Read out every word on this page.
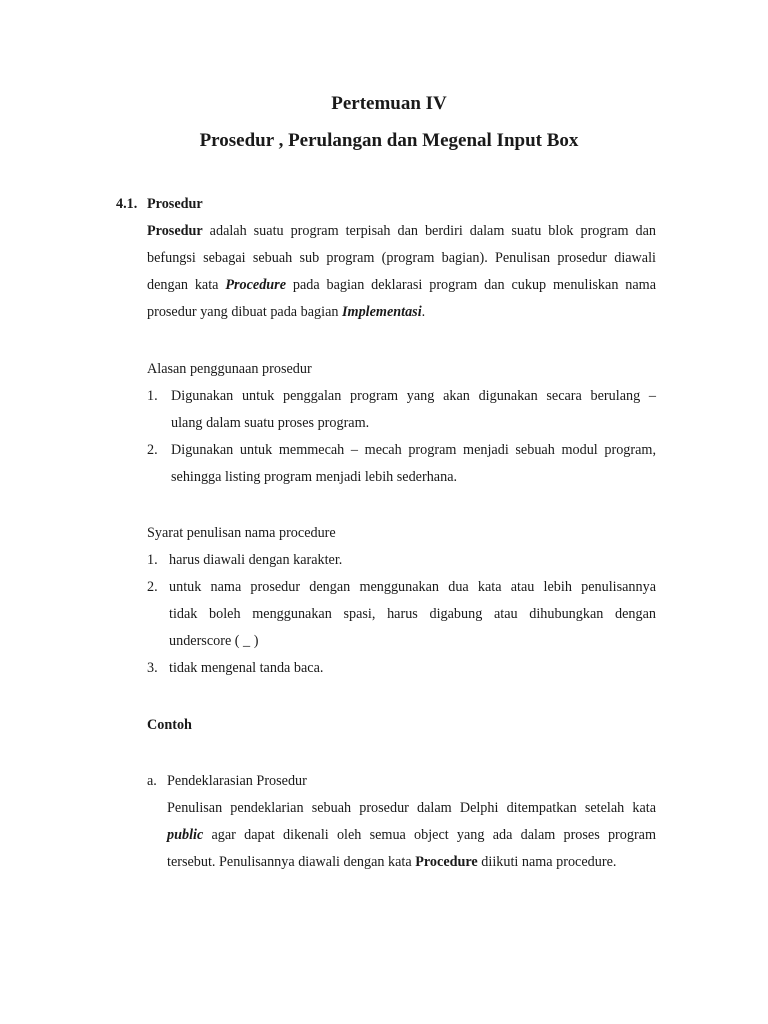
Pertemuan IV
Prosedur , Perulangan dan Megenal Input Box
4.1. Prosedur
Prosedur adalah suatu program terpisah dan berdiri dalam suatu blok program dan
befungsi sebagai sebuah sub program (program bagian). Penulisan prosedur diawali
dengan kata Procedure pada bagian deklarasi program dan cukup menuliskan nama
prosedur yang dibuat pada bagian Implementasi.
Alasan penggunaan prosedur
1. Digunakan untuk penggalan program yang akan digunakan secara berulang –
ulang dalam suatu proses program.
2. Digunakan untuk memmecah – mecah program menjadi sebuah modul program,
sehingga listing program menjadi lebih sederhana.
Syarat penulisan nama procedure
1. harus diawali dengan karakter.
2. untuk nama prosedur dengan menggunakan dua kata atau lebih penulisannya
tidak boleh menggunakan spasi, harus digabung atau dihubungkan dengan
underscore ( _ )
3. tidak mengenal tanda baca.
Contoh
a. Pendeklarasian Prosedur
Penulisan pendeklarian sebuah prosedur dalam Delphi ditempatkan setelah kata
public agar dapat dikenali oleh semua object yang ada dalam proses program
tersebut. Penulisannya diawali dengan kata Procedure diikuti nama procedure.
